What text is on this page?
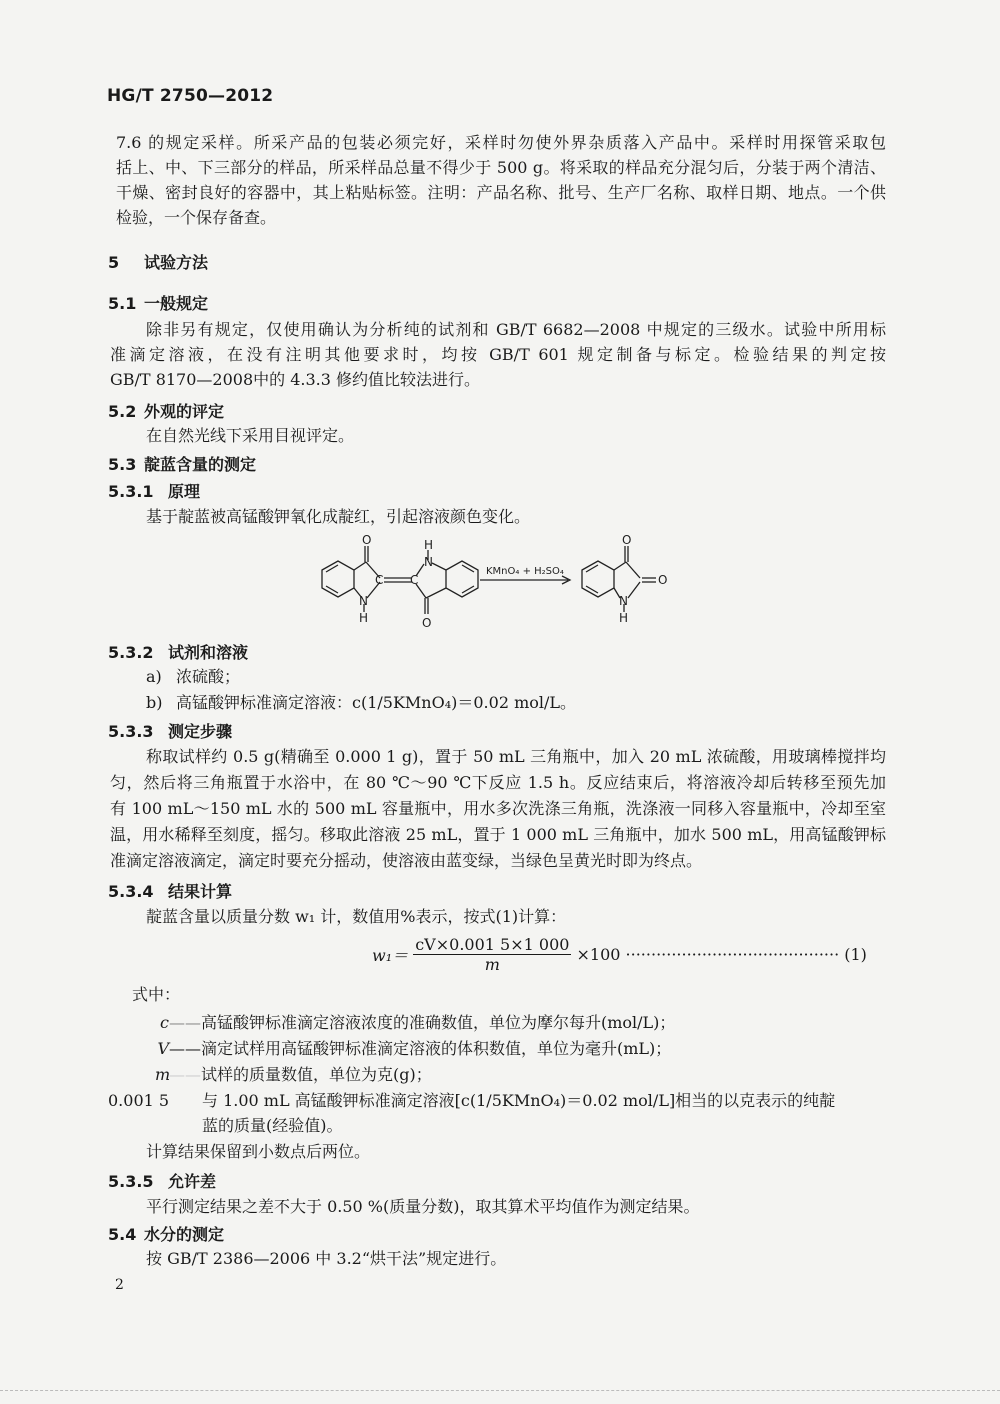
HG/T 2750—2012
7.6 的规定采样。所采产品的包装必须完好，采样时勿使外界杂质落入产品中。采样时用探管采取包
括上、中、下三部分的样品，所采样品总量不得少于 500 g。将采取的样品充分混匀后，分装于两个清洁、
干燥、密封良好的容器中，其上粘贴标签。注明：产品名称、批号、生产厂名称、取样日期、地点。一个供
检验，一个保存备查。
5 试验方法
5.1 一般规定
除非另有规定，仅使用确认为分析纯的试剂和 GB/T 6682—2008 中规定的三级水。试验中所用标
准滴定溶液，在没有注明其他要求时，均按 GB/T 601 规定制备与标定。检验结果的判定按
GB/T 8170—2008中的 4.3.3 修约值比较法进行。
5.2 外观的评定
在自然光线下采用目视评定。
5.3 靛蓝含量的测定
5.3.1 原理
基于靛蓝被高锰酸钾氧化成靛红，引起溶液颜色变化。
O
C
N
H
H
N
C
O
KMnO₄ + H₂SO₄
O
O
N
H
5.3.2 试剂和溶液
a) 浓硫酸；
b) 高锰酸钾标准滴定溶液：c(1/5KMnO₄)＝0.02 mol/L。
5.3.3 测定步骤
称取试样约 0.5 g(精确至 0.000 1 g)，置于 50 mL 三角瓶中，加入 20 mL 浓硫酸，用玻璃棒搅拌均
匀，然后将三角瓶置于水浴中，在 80 ℃～90 ℃下反应 1.5 h。反应结束后，将溶液冷却后转移至预先加
有 100 mL～150 mL 水的 500 mL 容量瓶中，用水多次洗涤三角瓶，洗涤液一同移入容量瓶中，冷却至室
温，用水稀释至刻度，摇匀。移取此溶液 25 mL，置于 1 000 mL 三角瓶中，加水 500 mL，用高锰酸钾标
准滴定溶液滴定，滴定时要充分摇动，使溶液由蓝变绿，当绿色呈黄光时即为终点。
5.3.4 结果计算
靛蓝含量以质量分数 w₁ 计，数值用%表示，按式(1)计算：
$w_1= \frac{cV\times 0.001 5\times 1 000}{m} \times 100$ ·········································· (1)
式中：
c——高锰酸钾标准滴定溶液浓度的准确数值，单位为摩尔每升(mol/L)；
V——滴定试样用高锰酸钾标准滴定溶液的体积数值，单位为毫升(mL)；
m——试样的质量数值，单位为克(g)；
0.001 5 与 1.00 mL 高锰酸钾标准滴定溶液[c(1/5KMnO₄)＝0.02 mol/L]相当的以克表示的纯靛
蓝的质量(经验值)。
计算结果保留到小数点后两位。
5.3.5 允许差
平行测定结果之差不大于 0.50 %(质量分数)，取其算术平均值作为测定结果。
5.4 水分的测定
按 GB/T 2386—2006 中 3.2“烘干法”规定进行。
2
